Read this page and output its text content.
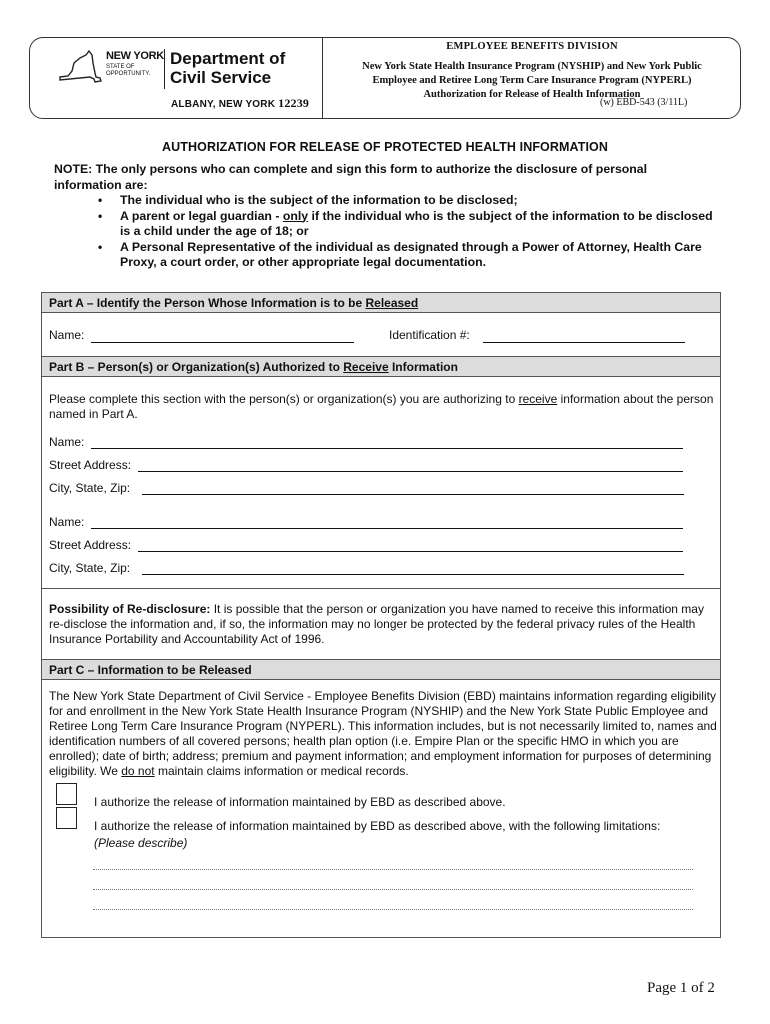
NEW YORK
STATE OF OPPORTUNITY.
Department of
Civil Service
ALBANY, NEW YORK 12239
EMPLOYEE BENEFITS DIVISION
New York State Health Insurance Program (NYSHIP) and New York Public
Employee and Retiree Long Term Care Insurance Program (NYPERL)
Authorization for Release of Health Information
(w) EBD-543 (3/11L)
AUTHORIZATION FOR RELEASE OF PROTECTED HEALTH INFORMATION
NOTE: The only persons who can complete and sign this form to authorize the disclosure of personal
information are:
• The individual who is the subject of the information to be disclosed;
• A parent or legal guardian - only if the individual who is the subject of the information to be disclosed is a child under the age of 18; or
• A Personal Representative of the individual as designated through a Power of Attorney, Health Care Proxy, a court order, or other appropriate legal documentation.
Part A – Identify the Person Whose Information is to be Released
Name:	Identification #:
Part B – Person(s) or Organization(s) Authorized to Receive Information
Please complete this section with the person(s) or organization(s) you are authorizing to receive information about the person named in Part A.
Name:
Street Address:
City, State, Zip:
Name:
Street Address:
City, State, Zip:
Possibility of Re-disclosure: It is possible that the person or organization you have named to receive this information may re-disclose the information and, if so, the information may no longer be protected by the federal privacy rules of the Health Insurance Portability and Accountability Act of 1996.
Part C – Information to be Released
The New York State Department of Civil Service - Employee Benefits Division (EBD) maintains information regarding eligibility for and enrollment in the New York State Health Insurance Program (NYSHIP) and the New York State Public Employee and Retiree Long Term Care Insurance Program (NYPERL). This information includes, but is not necessarily limited to, names and identification numbers of all covered persons; health plan option (i.e. Empire Plan or the specific HMO in which you are enrolled); date of birth; address; premium and payment information; and employment information for purposes of determining eligibility. We do not maintain claims information or medical records.
I authorize the release of information maintained by EBD as described above.
I authorize the release of information maintained by EBD as described above, with the following limitations:
(Please describe)
Page 1 of 2
